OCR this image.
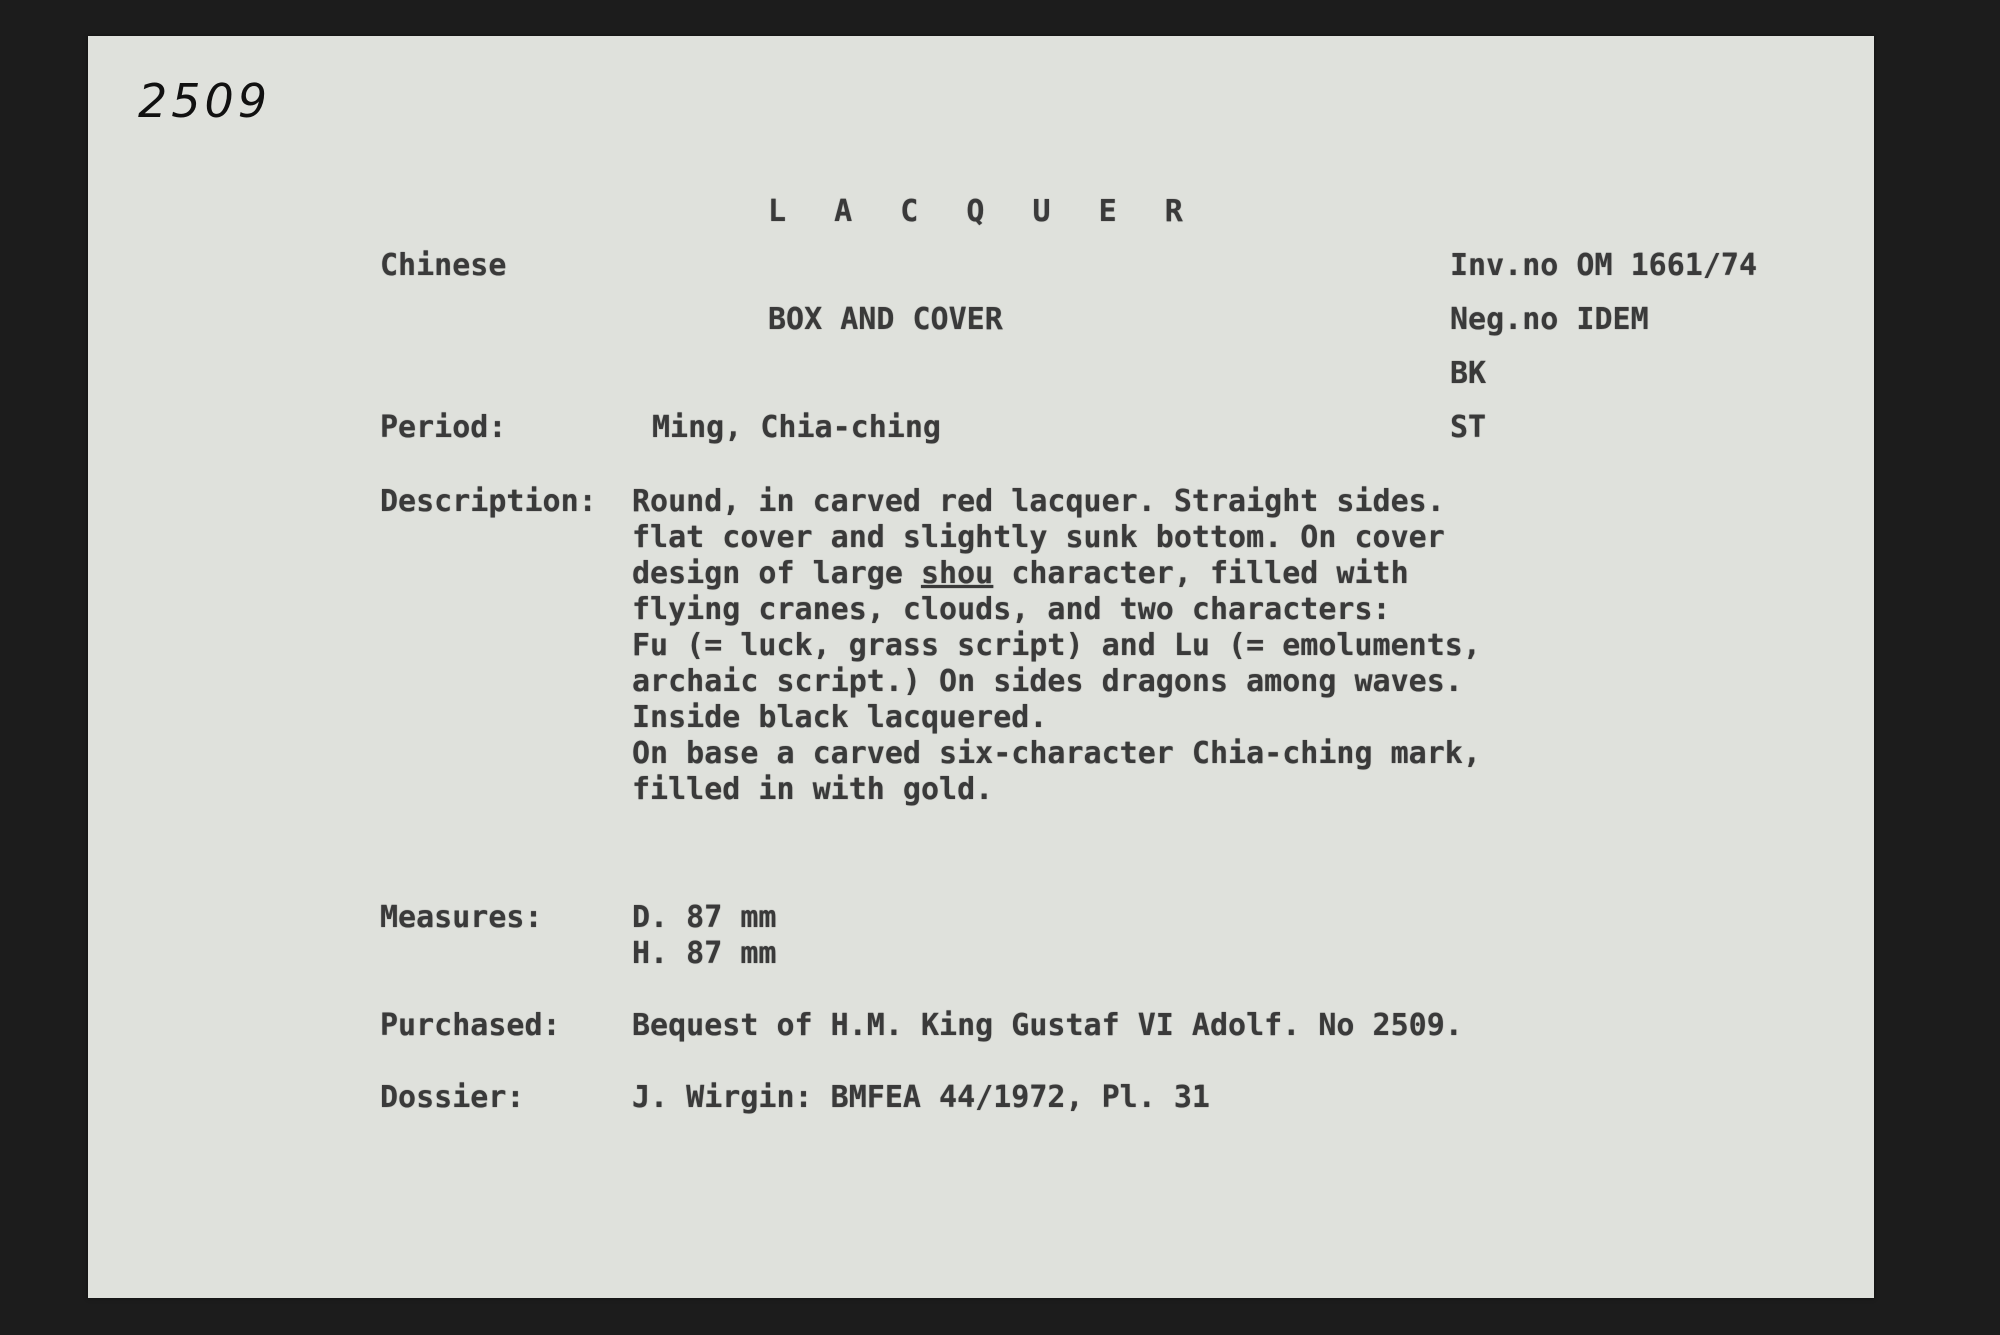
2509
L A C Q U E R
Chinese
BOX AND COVER
Inv.no OM 1661/74
Neg.no IDEM
BK
ST
Period:	Ming, Chia-ching
Description: Round, in carved red lacquer. Straight sides.
flat cover and slightly sunk bottom. On cover
design of large shou character, filled with
flying cranes, clouds, and two characters:
Fu (= luck, grass script) and Lu (= emoluments,
archaic script.) On sides dragons among waves.
Inside black lacquered.
On base a carved six-character Chia-ching mark,
filled in with gold.
Measures:	D. 87 mm
H. 87 mm
Purchased: Bequest of H.M. King Gustaf VI Adolf. No 2509.
Dossier:	J. Wirgin: BMFEA 44/1972, Pl. 31
